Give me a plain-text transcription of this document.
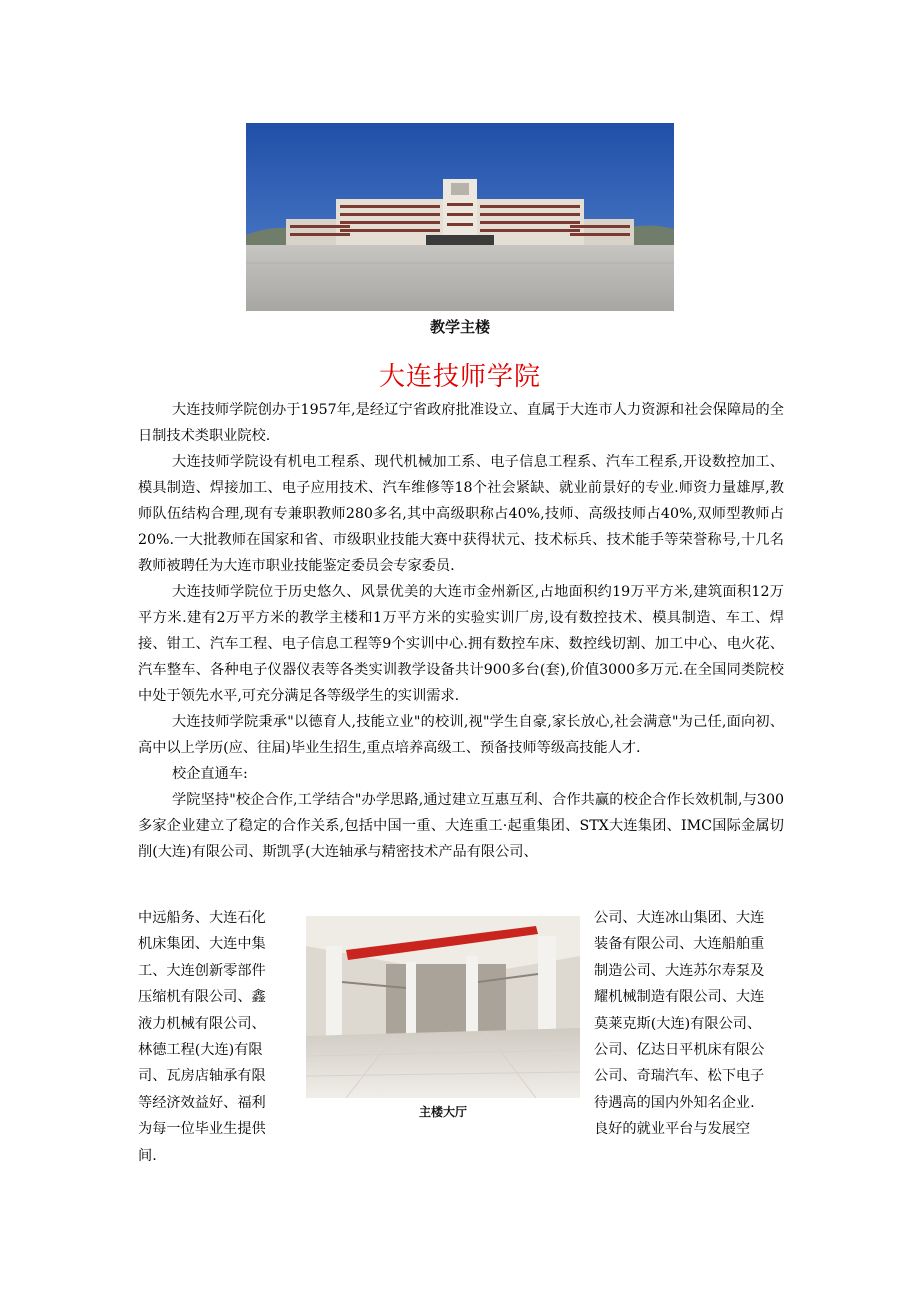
教学主楼
大连技师学院

大连技师学院创办于1957年,是经辽宁省政府批准设立、直属于大连市人力资源和社会保障局的全日制技术类职业院校.

大连技师学院设有机电工程系、现代机械加工系、电子信息工程系、汽车工程系,开设数控加工、模具制造、焊接加工、电子应用技术、汽车维修等18个社会紧缺、就业前景好的专业.师资力量雄厚,教师队伍结构合理,现有专兼职教师280多名,其中高级职称占40%,技师、高级技师占40%,双师型教师占20%.一大批教师在国家和省、市级职业技能大赛中获得状元、技术标兵、技术能手等荣誉称号,十几名教师被聘任为大连市职业技能鉴定委员会专家委员.

大连技师学院位于历史悠久、风景优美的大连市金州新区,占地面积约19万平方米,建筑面积12万平方米.建有2万平方米的教学主楼和1万平方米的实验实训厂房,设有数控技术、模具制造、车工、焊接、钳工、汽车工程、电子信息工程等9个实训中心.拥有数控车床、数控线切割、加工中心、电火花、汽车整车、各种电子仪器仪表等各类实训教学设备共计900多台(套),价值3000多万元.在全国同类院校中处于领先水平,可充分满足各等级学生的实训需求.

大连技师学院秉承"以德育人,技能立业"的校训,视"学生自豪,家长放心,社会满意"为己任,面向初、高中以上学历(应、往届)毕业生招生,重点培养高级工、预备技师等级高技能人才.

校企直通车:

学院坚持"校企合作,工学结合"办学思路,通过建立互惠互利、合作共赢的校企合作长效机制,与300多家企业建立了稳定的合作关系,包括中国一重、大连重工·起重集团、STX大连集团、IMC国际金属切削(大连)有限公司、斯凯孚(大连轴承与精密技术产品有限公司、

中远船务、大连石化
机床集团、大连中集
工、大连创新零部件
压缩机有限公司、鑫
液力机械有限公司、
林德工程(大连)有限
司、瓦房店轴承有限
等经济效益好、福利
为每一位毕业生提供
间.
主楼大厅
公司、大连冰山集团、大连
装备有限公司、大连船舶重
制造公司、大连苏尔寿泵及
耀机械制造有限公司、大连
莫莱克斯(大连)有限公司、
公司、亿达日平机床有限公
公司、奇瑞汽车、松下电子
待遇高的国内外知名企业.
良好的就业平台与发展空
